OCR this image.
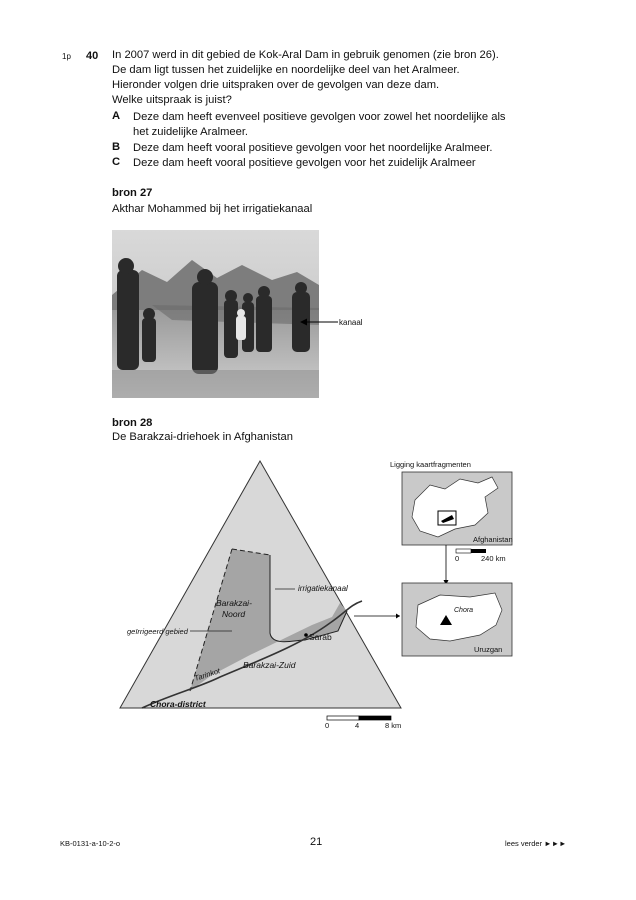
1p 40 In 2007 werd in dit gebied de Kok-Aral Dam in gebruik genomen (zie bron 26).
De dam ligt tussen het zuidelijke en noordelijke deel van het Aralmeer.
Hieronder volgen drie uitspraken over de gevolgen van deze dam.
Welke uitspraak is juist?
A Deze dam heeft evenveel positieve gevolgen voor zowel het noordelijke als
het zuidelijke Aralmeer.
B Deze dam heeft vooral positieve gevolgen voor het noordelijke Aralmeer.
C Deze dam heeft vooral positieve gevolgen voor het zuidelijk Aralmeer
bron 27
Akthar Mohammed bij het irrigatiekanaal
kanaal
bron 28
De Barakzai-driehoek in Afghanistan
irrigatiekanaal
Barakzai-
Noord
geïrrigeerd gebied
Sarab
Barakzai-Zuid
Tarinkot
Chora-district
0	4	8 km
Ligging kaartfragmenten
Afghanistan
0	240 km
Chora
Uruzgan
KB-0131-a-10-2-o	21	lees verder ►►►
